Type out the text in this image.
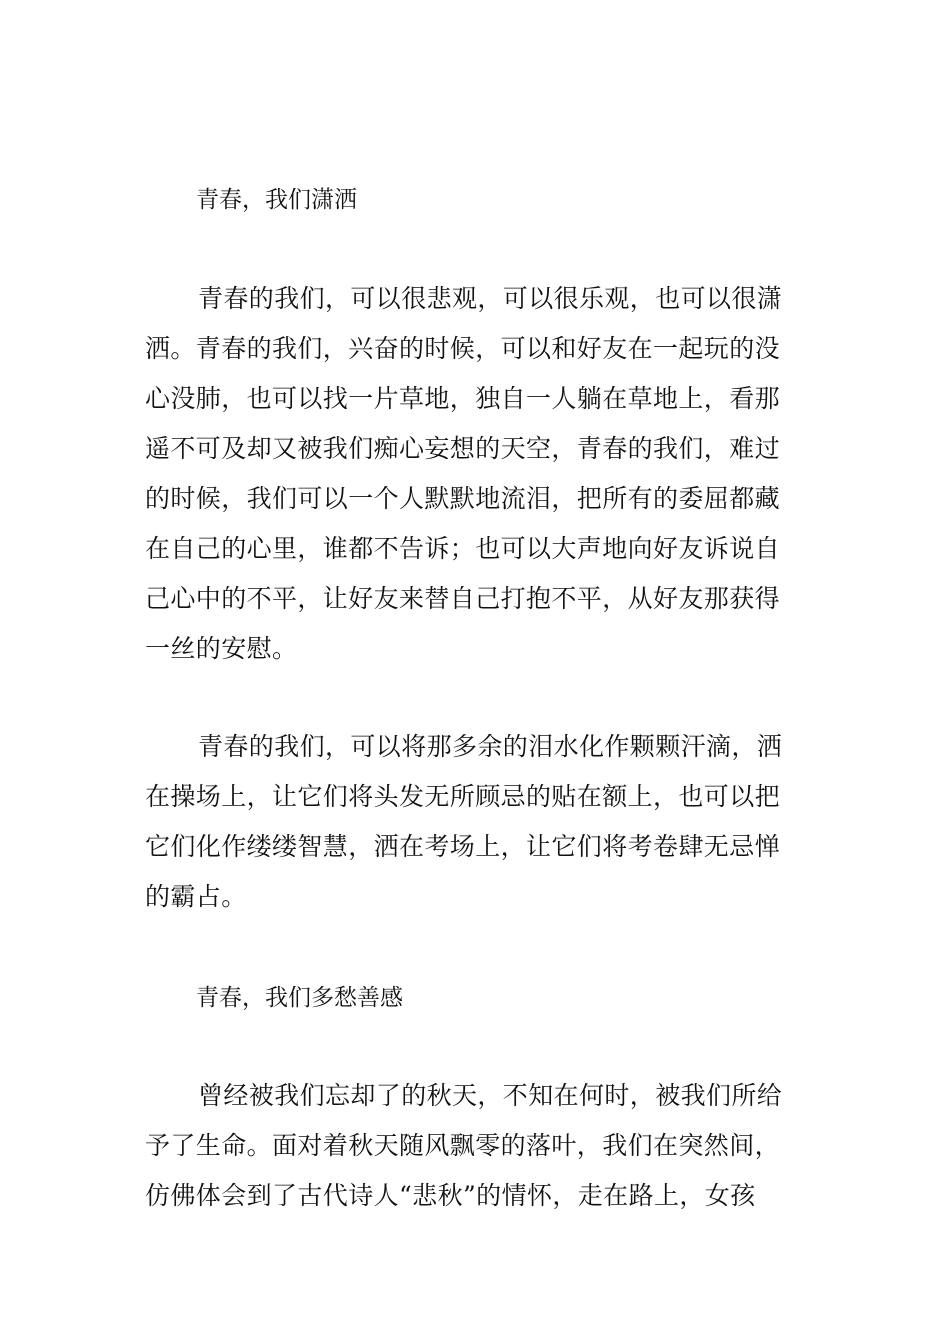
青春，我们潇洒
青春的我们，可以很悲观，可以很乐观，也可以很潇
洒。青春的我们，兴奋的时候，可以和好友在一起玩的没
心没肺，也可以找一片草地，独自一人躺在草地上，看那
遥不可及却又被我们痴心妄想的天空，青春的我们，难过
的时候，我们可以一个人默默地流泪，把所有的委屈都藏
在自己的心里，谁都不告诉；也可以大声地向好友诉说自
己心中的不平，让好友来替自己打抱不平，从好友那获得
一丝的安慰。
青春的我们，可以将那多余的泪水化作颗颗汗滴，洒
在操场上，让它们将头发无所顾忌的贴在额上，也可以把
它们化作缕缕智慧，洒在考场上，让它们将考卷肆无忌惮
的霸占。
青春，我们多愁善感
曾经被我们忘却了的秋天，不知在何时，被我们所给
予了生命。面对着秋天随风飘零的落叶，我们在突然间，
仿佛体会到了古代诗人“悲秋”的情怀，走在路上，女孩
